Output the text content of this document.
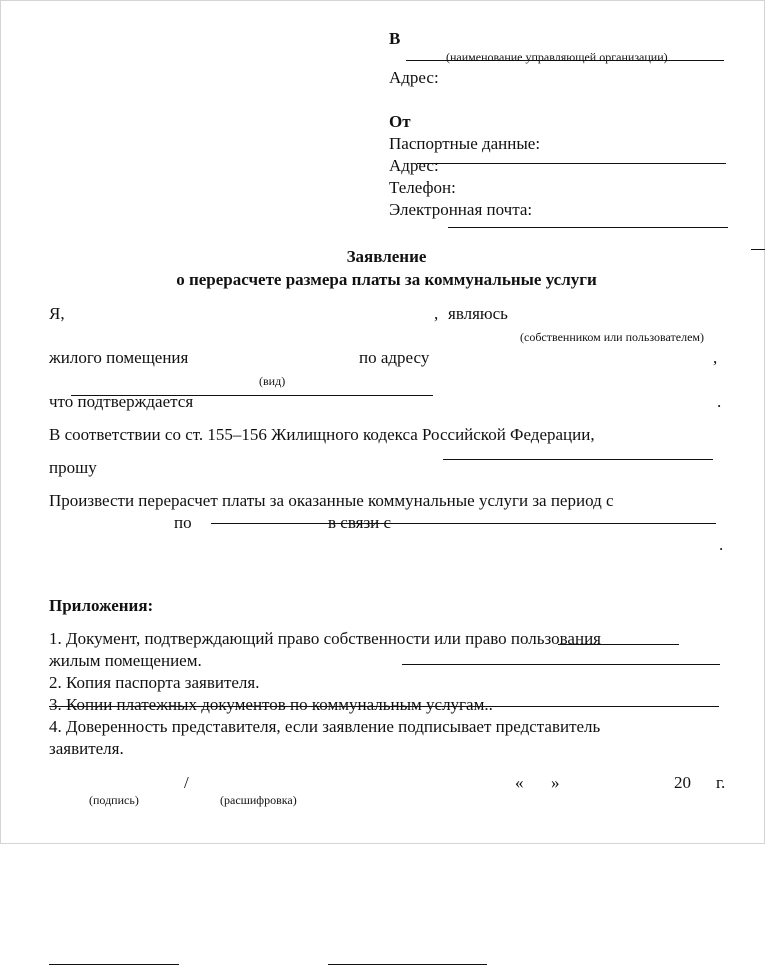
В

(наименование управляющей организации)
Адрес:

От

Паспортные данные:

Адрес:

Телефон:

Электронная почта:

Заявление
о перерасчете размера платы за коммунальные услуги
Я,
	, являюсь

(собственником или пользователем)
жилого помещения
	по адресу
	,
(вид)
что подтверждается
	.
В соответствии со ст. 155–156 Жилищного кодекса Российской Федерации,
прошу
Произвести перерасчет платы за оказанные коммунальные услуги за период с

по
	в связи с

.
Приложения:
1. Документ, подтверждающий право собственности или право пользования
жилым помещением.
2. Копия паспорта заявителя.
3. Копии платежных документов по коммунальным услугам..
4. Доверенность представителя, если заявление подписывает представитель
заявителя.

/

(подпись)	(расшифровка)
«
»
	20 г.
